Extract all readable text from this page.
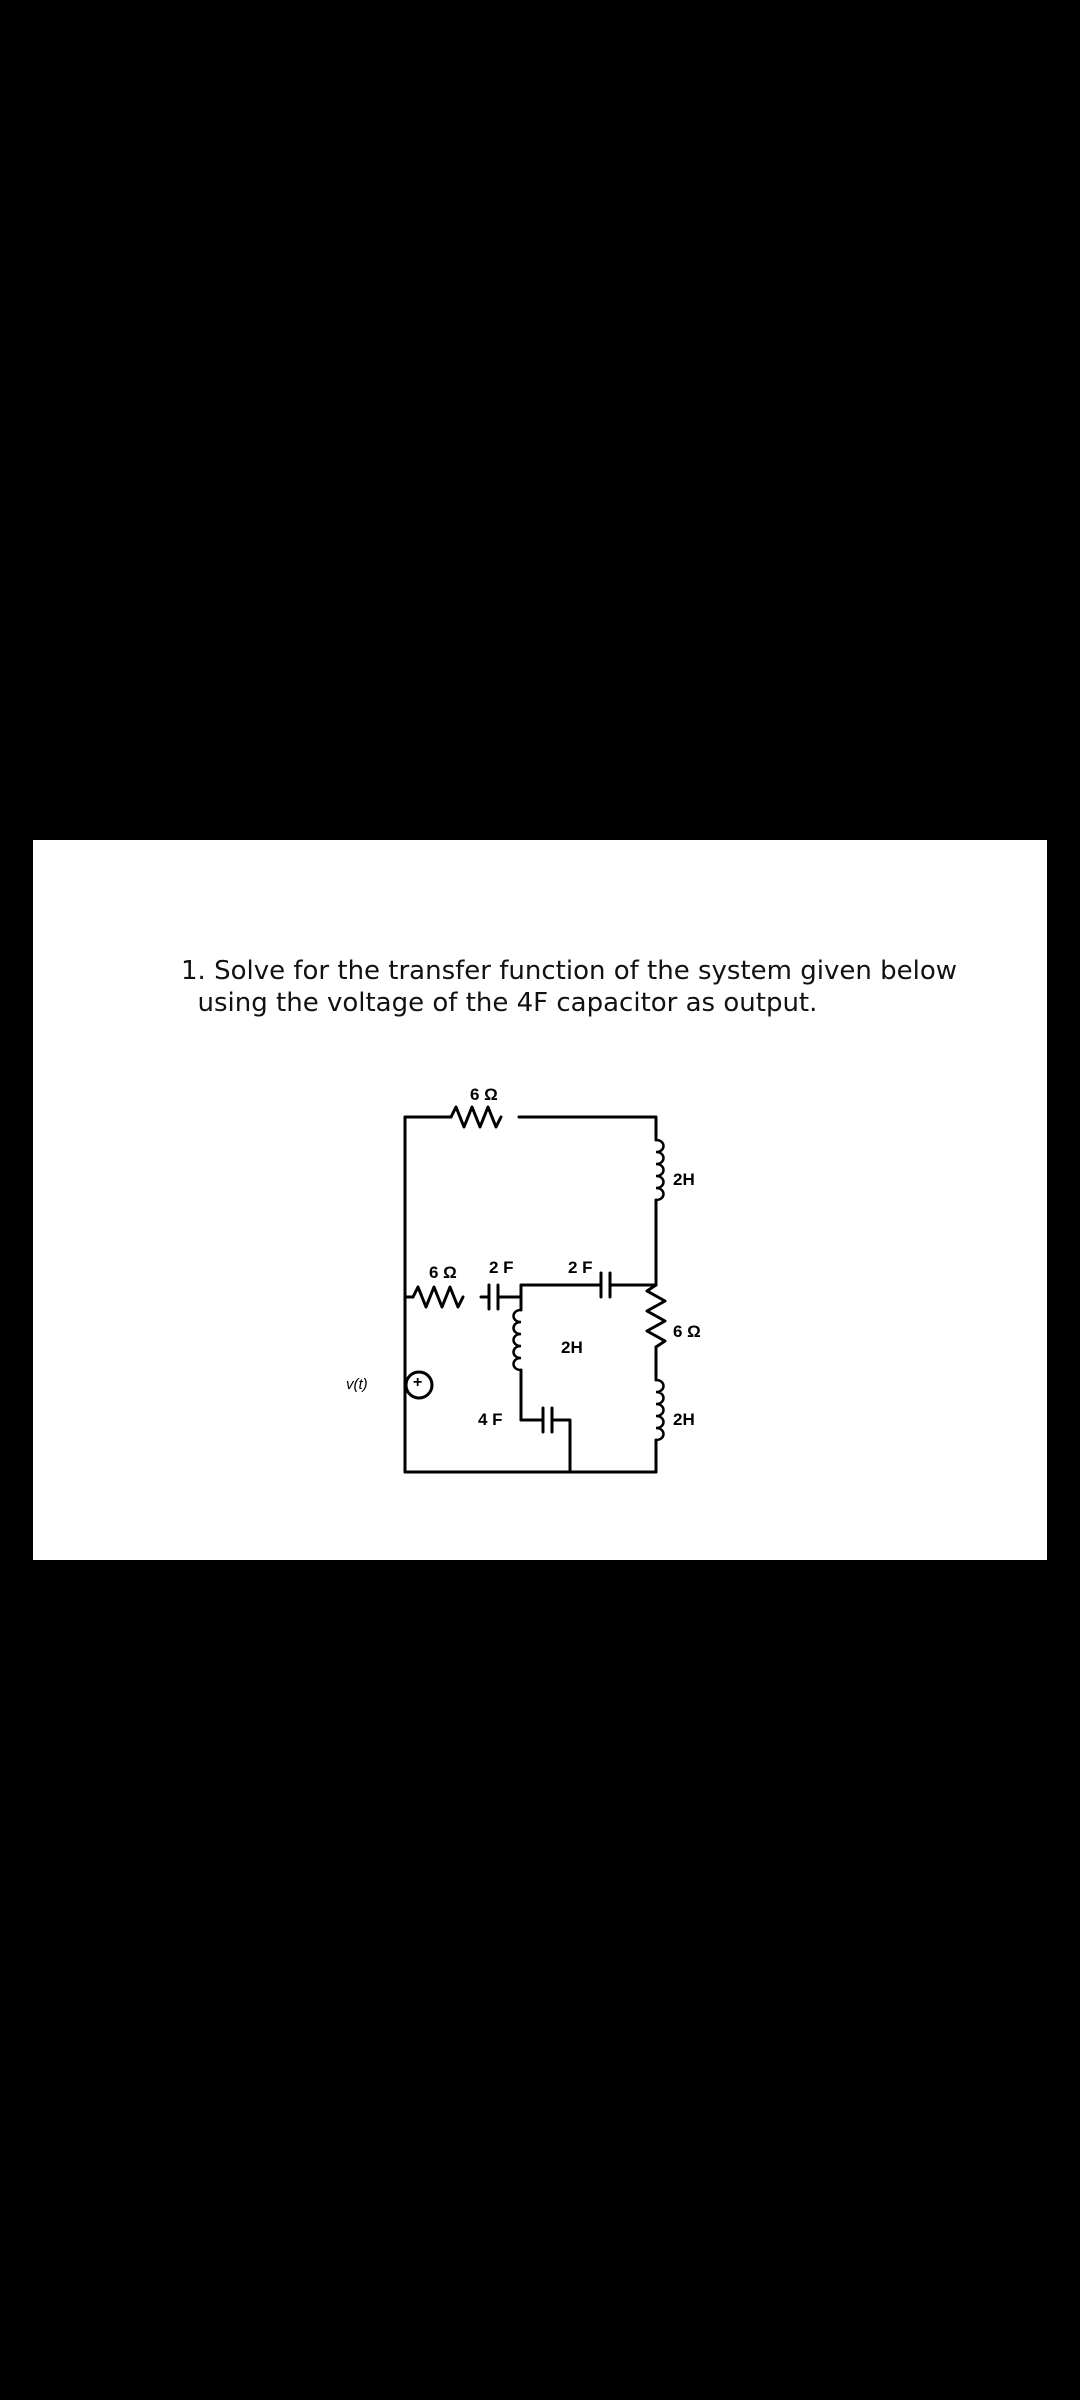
1. Solve for the transfer function of the system given below
using the voltage of the 4F capacitor as output.

6 Ω
2H
6 Ω 2 F	2 F
6 Ω
2H
v(t)	+
4 F	2H
